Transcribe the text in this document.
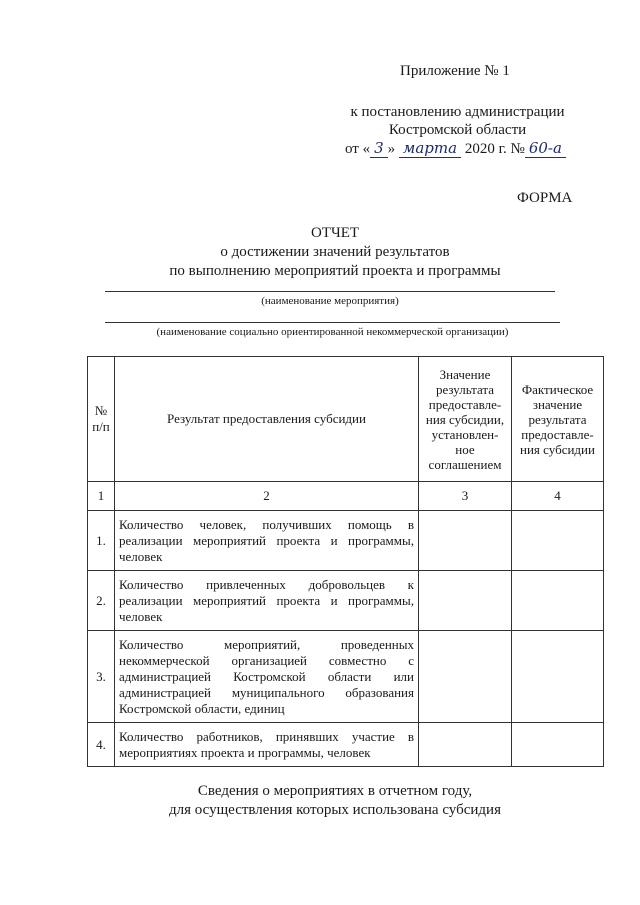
Приложение № 1
к постановлению администрации
Костромской области
от « 3 » марта 2020 г. № 60-а
ФОРМА
ОТЧЕТ
о достижении значений результатов
по выполнению мероприятий проекта и программы
(наименование мероприятия)
(наименование социально ориентированной некоммерческой организации)
№ п/п	Результат предоставления субсидии	Значение результата предоставле-ния субсидии, установлен-ное соглашением	Фактическое значение результата предоставле-ния субсидии
1	2	3	4
1.	Количество человек, получивших помощь в реализации мероприятий проекта и программы, человек		
2.	Количество привлеченных добровольцев к реализации мероприятий проекта и программы, человек		
3.	Количество мероприятий, проведенных некоммерческой организацией совместно с администрацией Костромской области или администрацией муниципального образования Костромской области, единиц		
4.	Количество работников, принявших участие в мероприятиях проекта и программы, человек		
Сведения о мероприятиях в отчетном году,
для осуществления которых использована субсидия
